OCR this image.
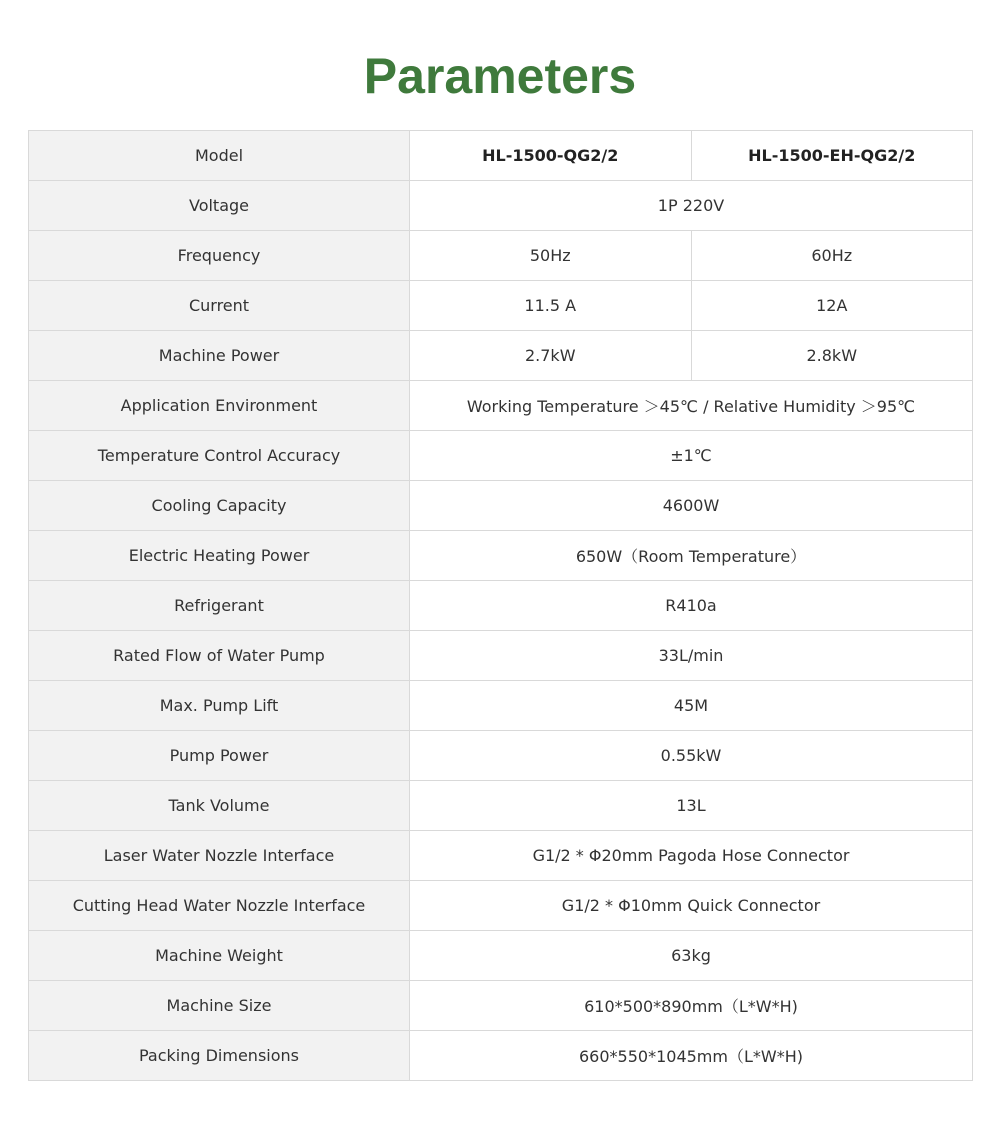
Parameters
Model	HL-1500-QG2/2	HL-1500-EH-QG2/2
Voltage	1P 220V	
Frequency	50Hz	60Hz
Current	11.5 A	12A
Machine Power	2.7kW	2.8kW
Application Environment	Working Temperature ＞45℃ / Relative Humidity ＞95℃	
Temperature Control Accuracy	±1℃	
Cooling Capacity	4600W	
Electric Heating Power	650W（Room Temperature）	
Refrigerant	R410a	
Rated Flow of Water Pump	33L/min	
Max. Pump Lift	45M	
Pump Power	0.55kW	
Tank Volume	13L	
Laser Water Nozzle Interface	G1/2 * Φ20mm Pagoda Hose Connector	
Cutting Head Water Nozzle Interface	G1/2 * Φ10mm Quick Connector	
Machine Weight	63kg	
Machine Size	610*500*890mm（L*W*H)	
Packing Dimensions	660*550*1045mm（L*W*H)	
